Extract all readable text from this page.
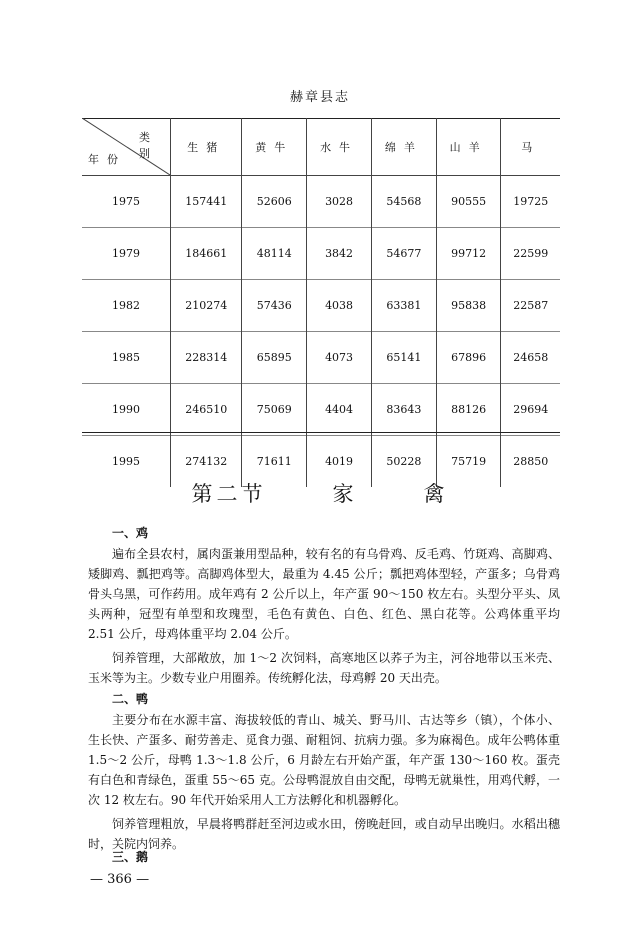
赫章县志
类
别
年份	生猪	黄牛	水牛	绵羊	山羊	马
1975	157441	52606	3028	54568	90555	19725
1979	184661	48114	3842	54677	99712	22599
1982	210274	57436	4038	63381	95838	22587
1985	228314	65895	4073	65141	67896	24658
1990	246510	75069	4404	83643	88126	29694
1995	274132	71611	4019	50228	75719	28850
第二节	家	禽
一、鸡

遍布全县农村，属肉蛋兼用型品种，较有名的有乌骨鸡、反毛鸡、竹斑鸡、高脚鸡、矮脚鸡、瓢把鸡等。高脚鸡体型大，最重为 4.45 公斤；瓢把鸡体型轻，产蛋多；乌骨鸡骨头乌黑，可作药用。成年鸡有 2 公斤以上，年产蛋 90～150 枚左右。头型分平头、凤头两种，冠型有单型和玫瑰型，毛色有黄色、白色、红色、黑白花等。公鸡体重平均 2.51 公斤，母鸡体重平均 2.04 公斤。

饲养管理，大部敞放，加 1～2 次饲料，高寒地区以荞子为主，河谷地带以玉米壳、玉米等为主。少数专业户用圈养。传统孵化法，母鸡孵 20 天出壳。

二、鸭

主要分布在水源丰富、海拔较低的青山、城关、野马川、古达等乡（镇），个体小、生长快、产蛋多、耐劳善走、觅食力强、耐粗饲、抗病力强。多为麻褐色。成年公鸭体重 1.5～2 公斤，母鸭 1.3～1.8 公斤，6 月龄左右开始产蛋，年产蛋 130～160 枚。蛋壳有白色和青绿色，蛋重 55～65 克。公母鸭混放自由交配，母鸭无就巢性，用鸡代孵，一次 12 枚左右。90 年代开始采用人工方法孵化和机器孵化。

饲养管理粗放，早晨将鸭群赶至河边或水田，傍晚赶回，或自动早出晚归。水稻出穗时，关院内饲养。

三、鹅
— 366 —
